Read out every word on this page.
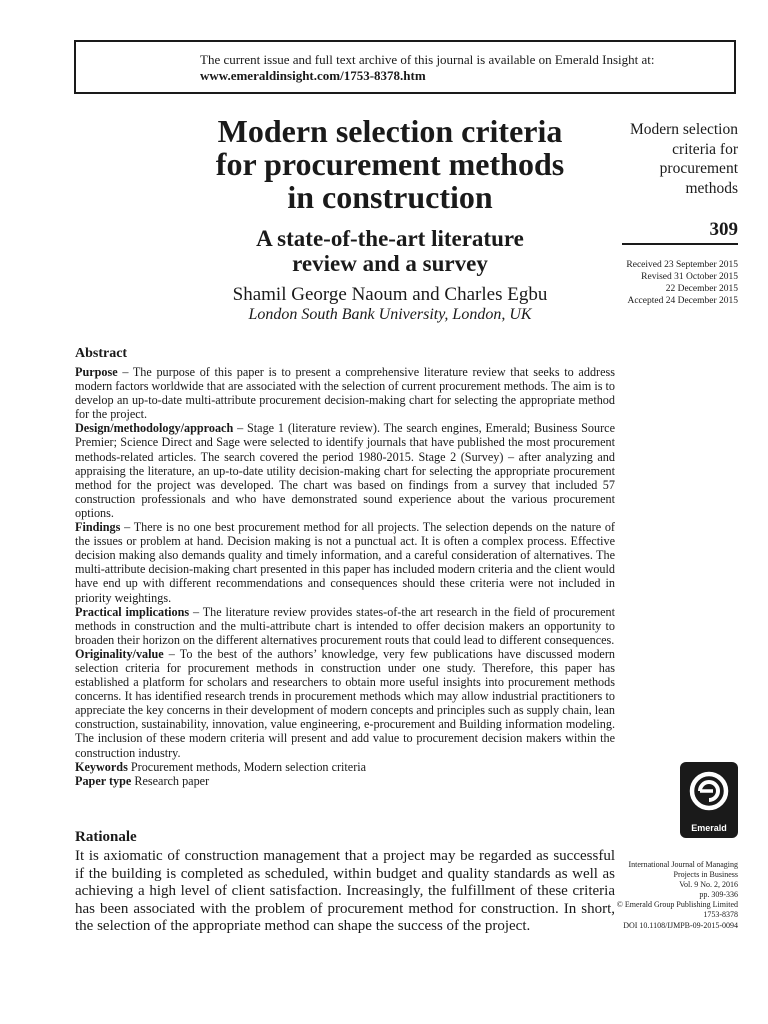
The current issue and full text archive of this journal is available on Emerald Insight at:
www.emeraldinsight.com/1753-8378.htm
Modern selection criteria
for procurement methods
in construction
A state-of-the-art literature
review and a survey
Shamil George Naoum and Charles Egbu
London South Bank University, London, UK
Modern selection
criteria for
procurement
methods
309
Received 23 September 2015
Revised 31 October 2015
22 December 2015
Accepted 24 December 2015
Abstract

Purpose – The purpose of this paper is to present a comprehensive literature review that seeks to address modern factors worldwide that are associated with the selection of current procurement methods. The aim is to develop an up-to-date multi-attribute procurement decision-making chart for selecting the appropriate method for the project.

Design/methodology/approach – Stage 1 (literature review). The search engines, Emerald; Business Source Premier; Science Direct and Sage were selected to identify journals that have published the most procurement methods-related articles. The search covered the period 1980-2015. Stage 2 (Survey) – after analyzing and appraising the literature, an up-to-date utility decision-making chart for selecting the appropriate procurement method for the project was developed. The chart was based on findings from a survey that included 57 construction professionals and who have demonstrated sound experience about the various procurement options.

Findings – There is no one best procurement method for all projects. The selection depends on the nature of the issues or problem at hand. Decision making is not a punctual act. It is often a complex process. Effective decision making also demands quality and timely information, and a careful consideration of alternatives. The multi-attribute decision-making chart presented in this paper has included modern criteria and the client would have end up with different recommendations and consequences should these criteria were not included in priority weightings.

Practical implications – The literature review provides states-of-the art research in the field of procurement methods in construction and the multi-attribute chart is intended to offer decision makers an opportunity to broaden their horizon on the different alternatives procurement routs that could lead to different consequences.

Originality/value – To the best of the authors’ knowledge, very few publications have discussed modern selection criteria for procurement methods in construction under one study. Therefore, this paper has established a platform for scholars and researchers to obtain more useful insights into procurement methods concerns. It has identified research trends in procurement methods which may allow industrial practitioners to appreciate the key concerns in their development of modern concepts and principles such as supply chain, lean construction, sustainability, innovation, value engineering, e-procurement and Building information modeling. The inclusion of these modern criteria will present and add value to procurement decision makers within the construction industry.

Keywords Procurement methods, Modern selection criteria

Paper type Research paper

Rationale

It is axiomatic of construction management that a project may be regarded as successful if the building is completed as scheduled, within budget and quality standards as well as achieving a high level of client satisfaction. Increasingly, the fulfillment of these criteria has been associated with the problem of procurement method for construction. In short, the selection of the appropriate method can shape the success of the project.

Emerald
International Journal of Managing
Projects in Business
Vol. 9 No. 2, 2016
pp. 309-336
© Emerald Group Publishing Limited
1753-8378
DOI 10.1108/IJMPB-09-2015-0094
